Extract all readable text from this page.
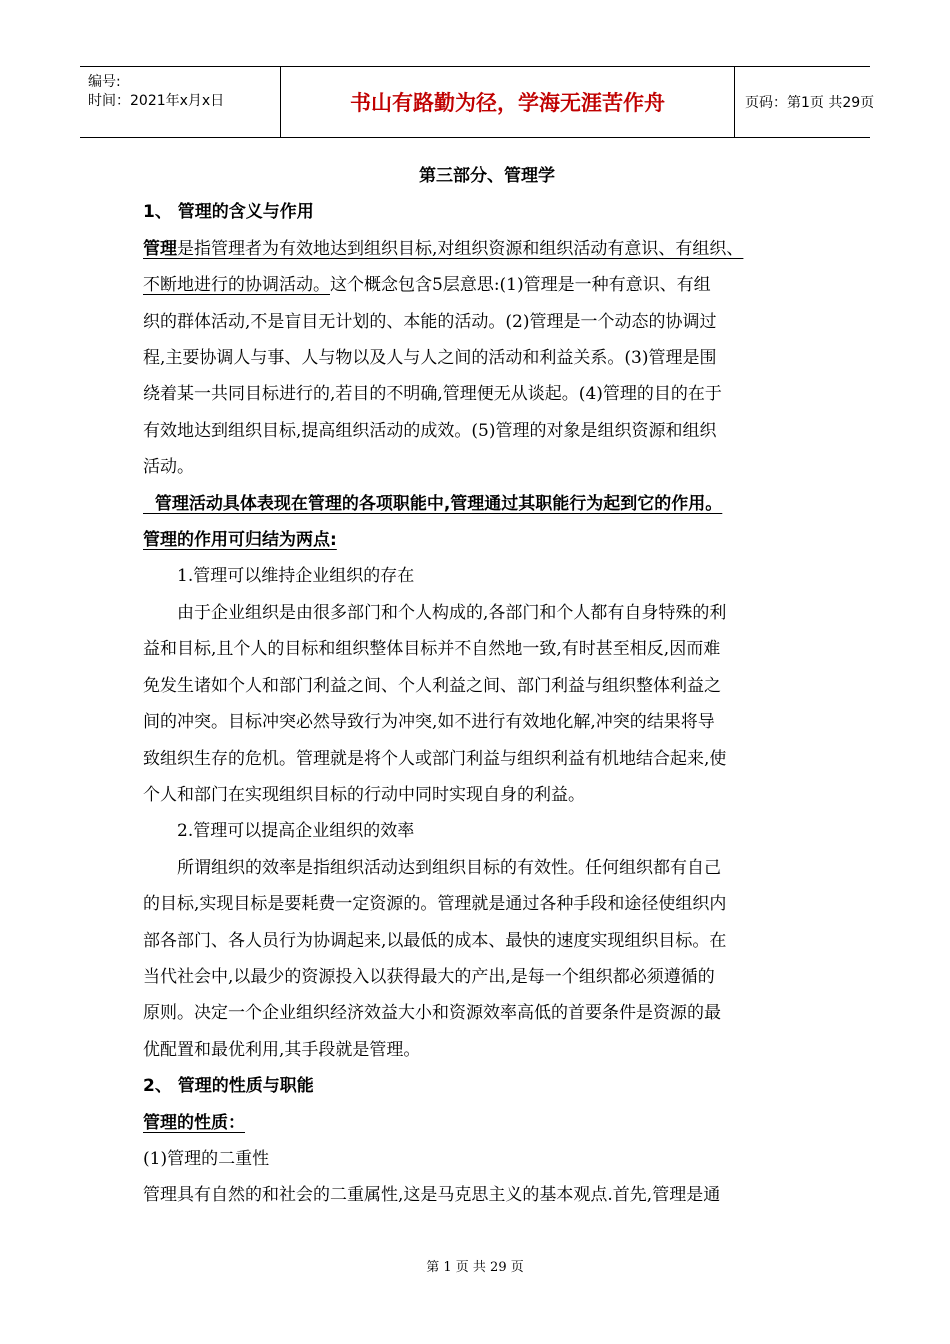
编号:
时间：2021年x月x日	书山有路勤为径，学海无涯苦作舟	页码：第1页 共29页
第三部分、管理学
1、 管理的含义与作用
管理是指管理者为有效地达到组织目标,对组织资源和组织活动有意识、有组织、
不断地进行的协调活动。这个概念包含5层意思:(1)管理是一种有意识、有组
织的群体活动,不是盲目无计划的、本能的活动。(2)管理是一个动态的协调过
程,主要协调人与事、人与物以及人与人之间的活动和利益关系。(3)管理是围
绕着某一共同目标进行的,若目的不明确,管理便无从谈起。(4)管理的目的在于
有效地达到组织目标,提高组织活动的成效。(5)管理的对象是组织资源和组织
活动。
管理活动具体表现在管理的各项职能中,管理通过其职能行为起到它的作用。
管理的作用可归结为两点:
1.管理可以维持企业组织的存在
由于企业组织是由很多部门和个人构成的,各部门和个人都有自身特殊的利
益和目标,且个人的目标和组织整体目标并不自然地一致,有时甚至相反,因而难
免发生诸如个人和部门利益之间、个人利益之间、部门利益与组织整体利益之
间的冲突。目标冲突必然导致行为冲突,如不进行有效地化解,冲突的结果将导
致组织生存的危机。管理就是将个人或部门利益与组织利益有机地结合起来,使
个人和部门在实现组织目标的行动中同时实现自身的利益。
2.管理可以提高企业组织的效率
所谓组织的效率是指组织活动达到组织目标的有效性。任何组织都有自己
的目标,实现目标是要耗费一定资源的。管理就是通过各种手段和途径使组织内
部各部门、各人员行为协调起来,以最低的成本、最快的速度实现组织目标。在
当代社会中,以最少的资源投入以获得最大的产出,是每一个组织都必须遵循的
原则。决定一个企业组织经济效益大小和资源效率高低的首要条件是资源的最
优配置和最优利用,其手段就是管理。
2、 管理的性质与职能
管理的性质：
(1)管理的二重性
管理具有自然的和社会的二重属性,这是马克思主义的基本观点.首先,管理是通
第 1 页 共 29 页
